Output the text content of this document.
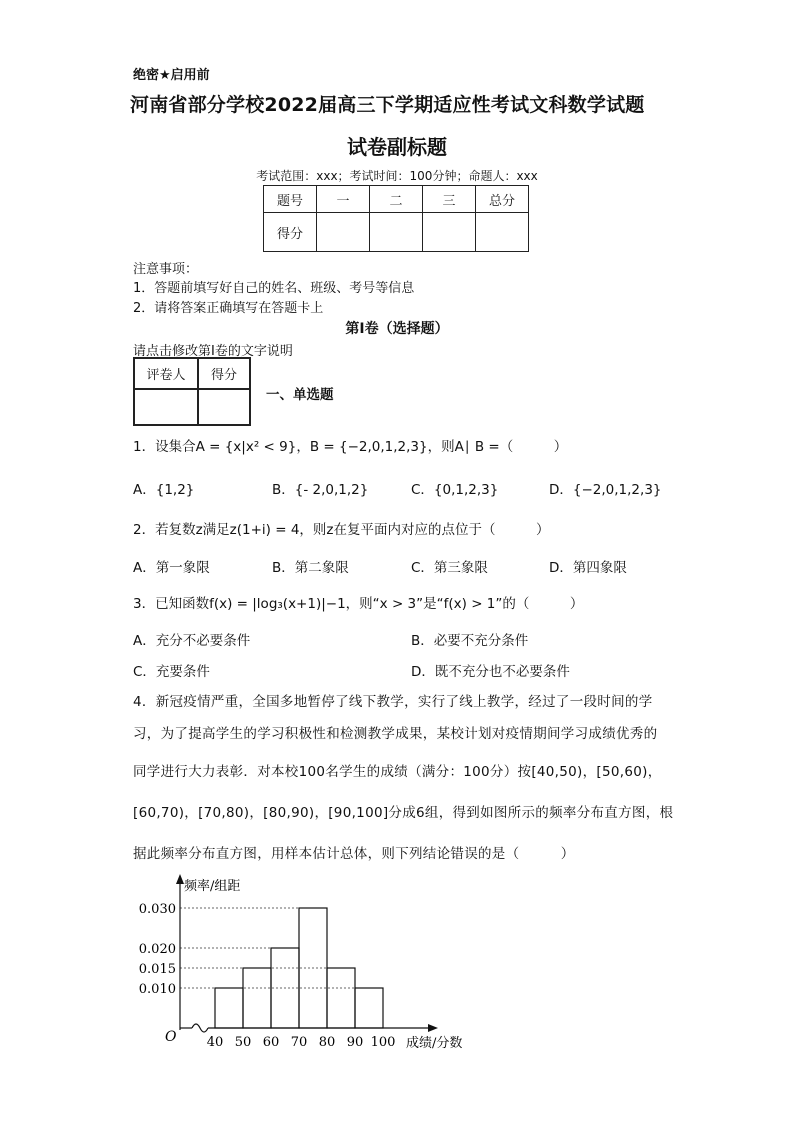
绝密★启用前
河南省部分学校2022届高三下学期适应性考试文科数学试题
试卷副标题
考试范围：xxx；考试时间：100分钟；命题人：xxx
题号	一	二	三	总分
得分				
注意事项：
1．答题前填写好自己的姓名、班级、考号等信息
2．请将答案正确填写在答题卡上
第I卷（选择题）
请点击修改第I卷的文字说明
评卷人	得分

一、单选题
1．设集合A = {x|x² < 9}，B = {−2,0,1,2,3}，则A∣ B =（　　　）
A．{1,2}	B．{- 2,0,1,2}	C．{0,1,2,3}	D．{−2,0,1,2,3}
2．若复数z满足z(1+i) = 4，则z在复平面内对应的点位于（　　　）
A．第一象限	B．第二象限	C．第三象限	D．第四象限
3．已知函数f(x) = |log₃(x+1)|−1，则“x > 3”是“f(x) > 1”的（　　　）
A．充分不必要条件	B．必要不充分条件
C．充要条件	D．既不充分也不必要条件
4．新冠疫情严重，全国多地暂停了线下教学，实行了线上教学，经过了一段时间的学
习，为了提高学生的学习积极性和检测教学成果，某校计划对疫情期间学习成绩优秀的
同学进行大力表彰．对本校100名学生的成绩（满分：100分）按[40,50)，[50,60)，
[60,70)，[70,80)，[80,90)，[90,100]分成6组，得到如图所示的频率分布直方图，根
据此频率分布直方图，用样本估计总体，则下列结论错误的是（　　　）
0.010
0.015
0.020
0.030
40 50 60 70 80 90 100
频率/组距
成绩/分数
O
